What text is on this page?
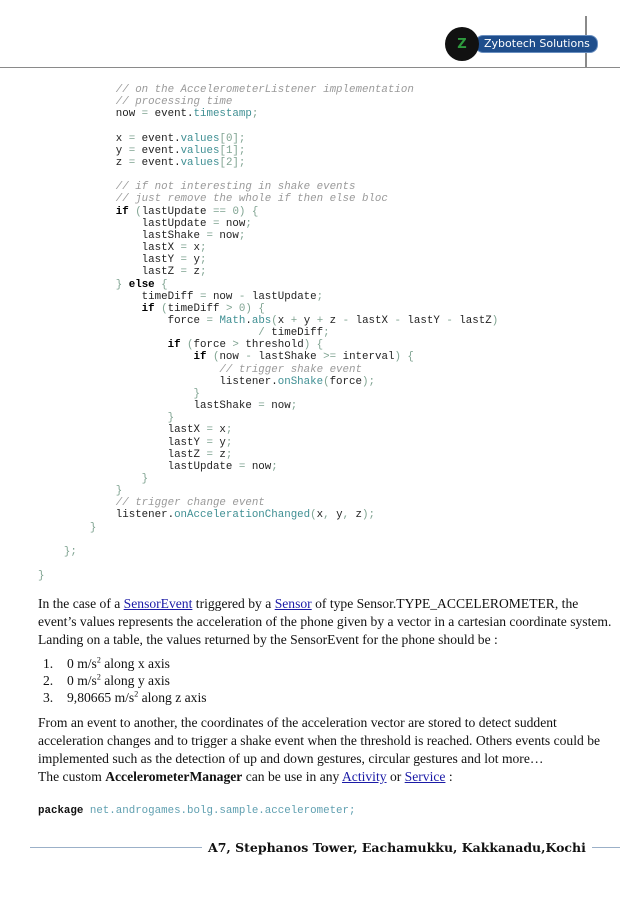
Z	Zybotech Solutions
// on the AccelerometerListener implementation
// processing time
now = event.timestamp;

x = event.values[0];
y = event.values[1];
z = event.values[2];

// if not interesting in shake events
// just remove the whole if then else bloc
if (lastUpdate == 0) {
lastUpdate = now;
lastShake = now;
lastX = x;
lastY = y;
lastZ = z;
} else {
timeDiff = now - lastUpdate;
if (timeDiff > 0) {
force = Math.abs(x + y + z - lastX - lastY - lastZ)
/ timeDiff;
if (force > threshold) {
if (now - lastShake >= interval) {
// trigger shake event
listener.onShake(force);
}
lastShake = now;
}
lastX = x;
lastY = y;
lastZ = z;
lastUpdate = now;
}
}
// trigger change event
listener.onAccelerationChanged(x, y, z);
}

};

}
In the case of a SensorEvent triggered by a Sensor of type Sensor.TYPE_ACCELEROMETER, the event’s values represents the acceleration of the phone given by a vector in a cartesian coordinate system. Landing on a table, the values returned by the SensorEvent for the phone should be :
1. 0 $m/s^2$ along x axis
2. 0 $m/s^2$ along y axis
3. 9,80665 $m/s^2$ along z axis
From an event to another, the coordinates of the acceleration vector are stored to detect suddent acceleration changes and to trigger a shake event when the threshold is reached. Others events could be implemented such as the detection of up and down gestures, circular gestures and lot more…
The custom AccelerometerManager can be use in any Activity or Service :
package net.androgames.bolg.sample.accelerometer;
A7, Stephanos Tower, Eachamukku, Kakkanadu,Kochi
